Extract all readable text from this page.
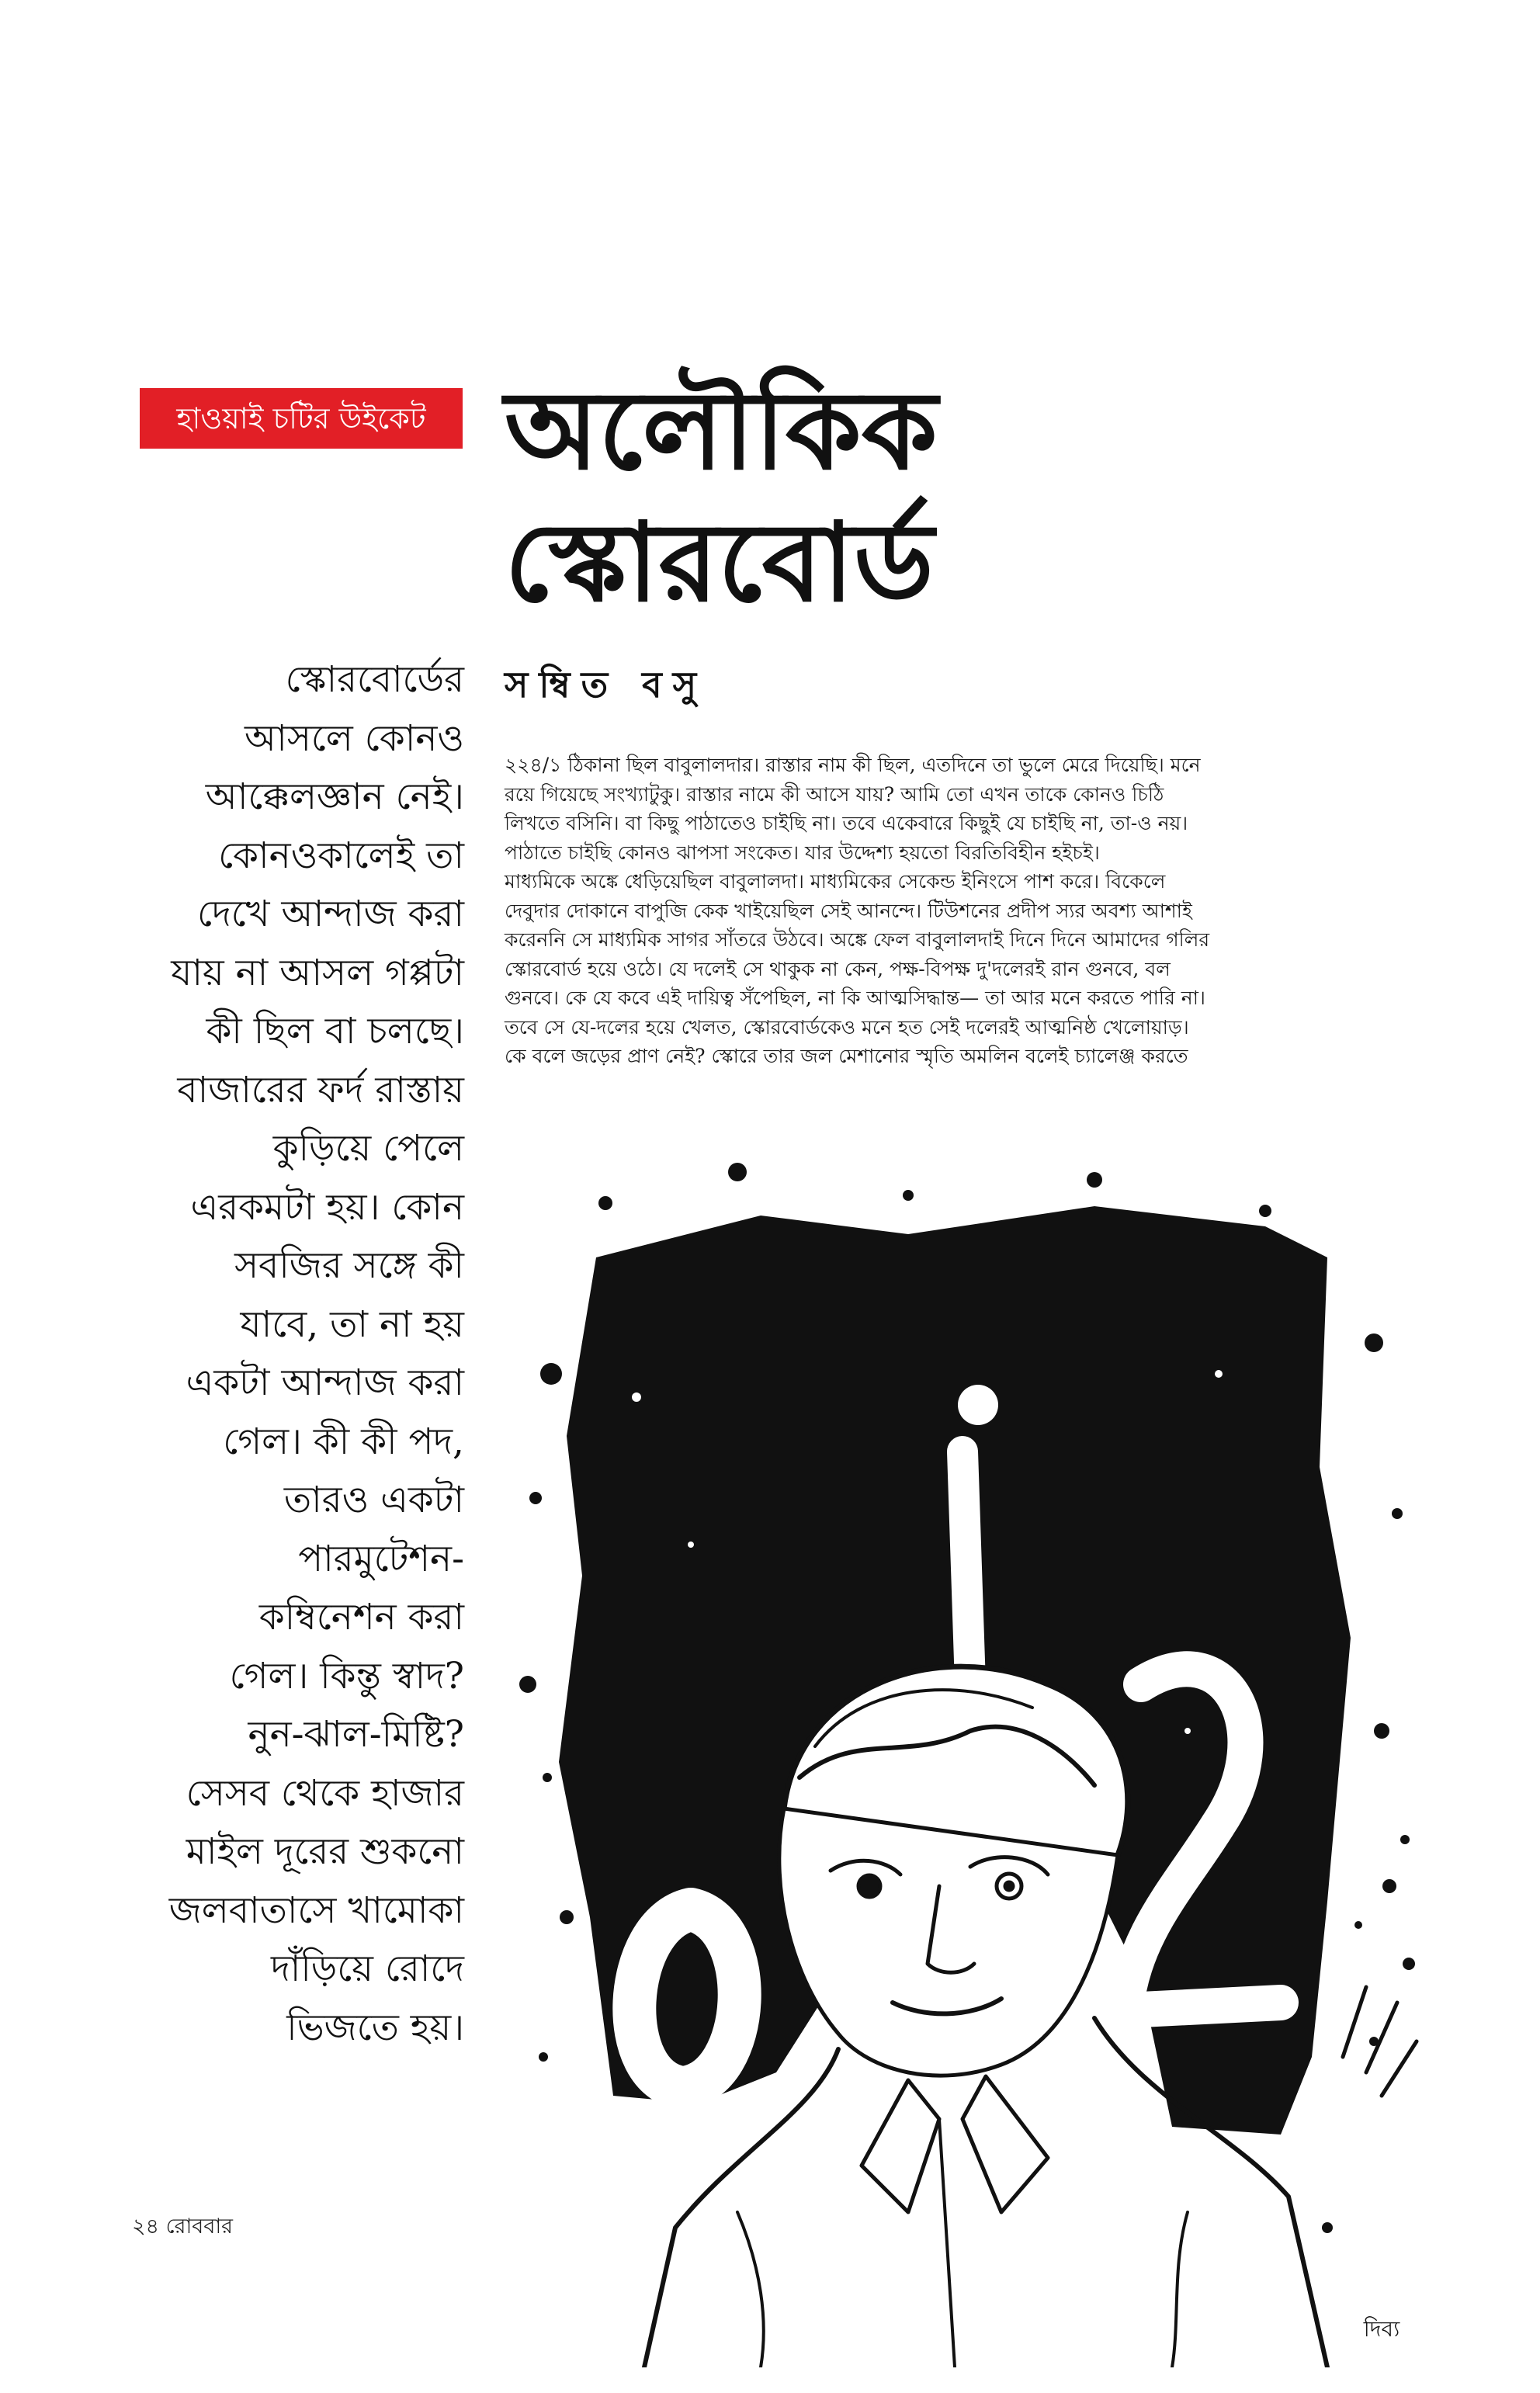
হাওয়াই চটির উইকেট অলৌকিক
স্কোরবোর্ড
সম্বিত বসু
স্কোরবোর্ডের
আসলে কোনও
আক্কেলজ্ঞান নেই।
কোনওকালেই তা
দেখে আন্দাজ করা
যায় না আসল গপ্পটা
কী ছিল বা চলছে।
বাজারের ফর্দ রাস্তায়
কুড়িয়ে পেলে
এরকমটা হয়। কোন
সবজির সঙ্গে কী
যাবে, তা না হয়
একটা আন্দাজ করা
গেল। কী কী পদ,
তারও একটা
পারমুটেশন-
কম্বিনেশন করা
গেল। কিন্তু স্বাদ?
নুন-ঝাল-মিষ্টি?
সেসব থেকে হাজার
মাইল দূরের শুকনো
জলবাতাসে খামোকা
দাঁড়িয়ে রোদে
ভিজতে হয়।
২২৪/১ ঠিকানা ছিল বাবুলালদার। রাস্তার নাম কী ছিল, এতদিনে তা ভুলে মেরে দিয়েছি। মনে
রয়ে গিয়েছে সংখ্যাটুকু। রাস্তার নামে কী আসে যায়? আমি তো এখন তাকে কোনও চিঠি
লিখতে বসিনি। বা কিছু পাঠাতেও চাইছি না। তবে একেবারে কিছুই যে চাইছি না, তা-ও নয়।
পাঠাতে চাইছি কোনও ঝাপসা সংকেত। যার উদ্দেশ্য হয়তো বিরতিবিহীন হইচই।
মাধ্যমিকে অঙ্কে ধেড়িয়েছিল বাবুলালদা। মাধ্যমিকের সেকেন্ড ইনিংসে পাশ করে। বিকেলে
দেবুদার দোকানে বাপুজি কেক খাইয়েছিল সেই আনন্দে। টিউশনের প্রদীপ স্যর অবশ্য আশাই
করেননি সে মাধ্যমিক সাগর সাঁতরে উঠবে। অঙ্কে ফেল বাবুলালদাই দিনে দিনে আমাদের গলির
স্কোরবোর্ড হয়ে ওঠে। যে দলেই সে থাকুক না কেন, পক্ষ-বিপক্ষ দু'দলেরই রান গুনবে, বল
গুনবে। কে যে কবে এই দায়িত্ব সঁপেছিল, না কি আত্মসিদ্ধান্ত— তা আর মনে করতে পারি না।
তবে সে যে-দলের হয়ে খেলত, স্কোরবোর্ডকেও মনে হত সেই দলেরই আত্মনিষ্ঠ খেলোয়াড়।
কে বলে জড়ের প্রাণ নেই? স্কোরে তার জল মেশানোর স্মৃতি অমলিন বলেই চ্যালেঞ্জ করতে
দিব্য
12
২৪ রোববার
